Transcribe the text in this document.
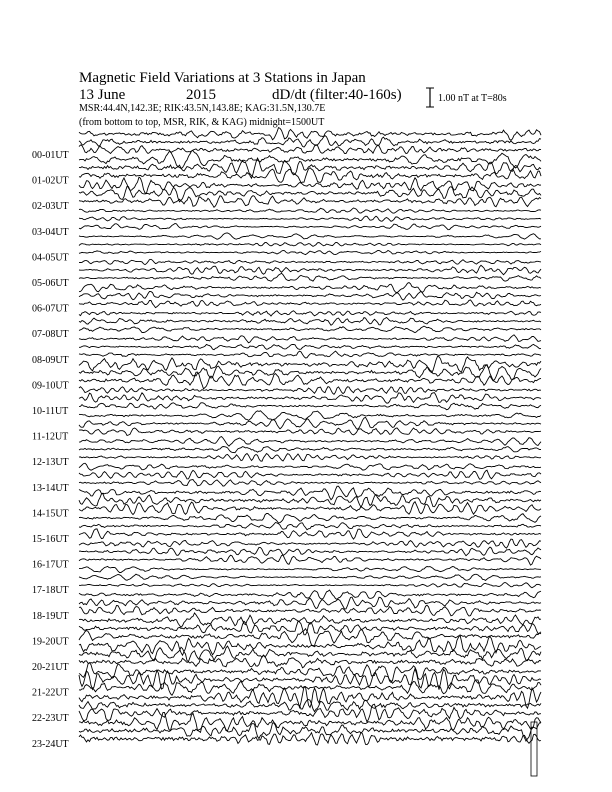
Magnetic Field Variations at 3 Stations in Japan
13 June	2015	dD/dt (filter:40-160s)
MSR:44.4N,142.3E; RIK:43.5N,143.8E; KAG:31.5N,130.7E
(from bottom to top, MSR, RIK, & KAG) midnight=1500UT
1.00 nT at T=80s
00-01UT
01-02UT
02-03UT
03-04UT
04-05UT
05-06UT
06-07UT
07-08UT
08-09UT
09-10UT
10-11UT
11-12UT
12-13UT
13-14UT
14-15UT
15-16UT
16-17UT
17-18UT
18-19UT
19-20UT
20-21UT
21-22UT
22-23UT
23-24UT
